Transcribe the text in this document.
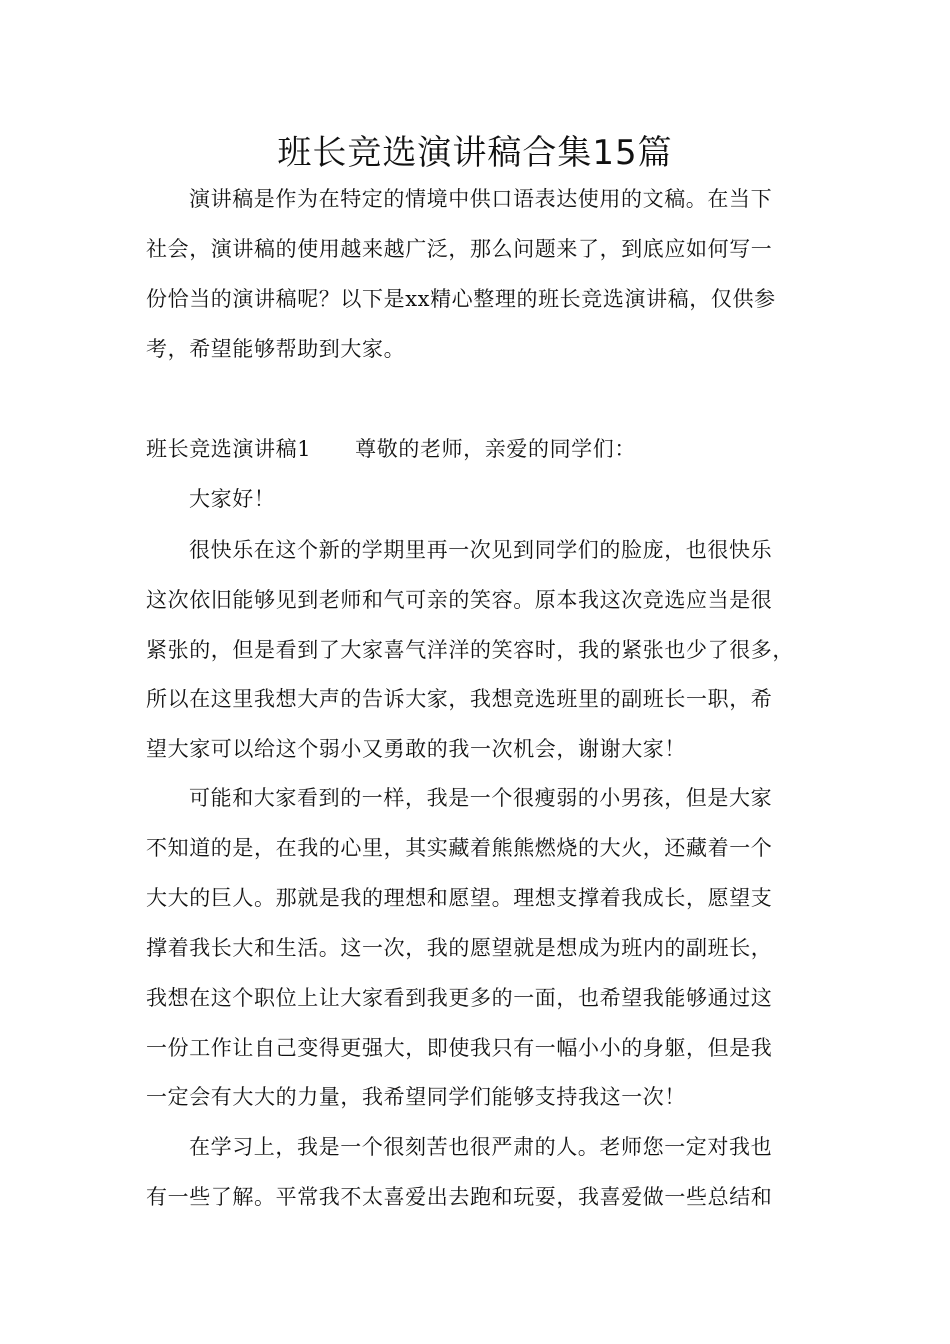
班长竞选演讲稿合集15篇
演讲稿是作为在特定的情境中供口语表达使用的文稿。在当下
社会，演讲稿的使用越来越广泛，那么问题来了，到底应如何写一
份恰当的演讲稿呢？以下是xx精心整理的班长竞选演讲稿，仅供参
考，希望能够帮助到大家。
班长竞选演讲稿1 尊敬的老师，亲爱的同学们：
大家好！
很快乐在这个新的学期里再一次见到同学们的脸庞，也很快乐
这次依旧能够见到老师和气可亲的笑容。原本我这次竞选应当是很
紧张的，但是看到了大家喜气洋洋的笑容时，我的紧张也少了很多，
所以在这里我想大声的告诉大家，我想竞选班里的副班长一职，希
望大家可以给这个弱小又勇敢的我一次机会，谢谢大家！
可能和大家看到的一样，我是一个很瘦弱的小男孩，但是大家
不知道的是，在我的心里，其实藏着熊熊燃烧的大火，还藏着一个
大大的巨人。那就是我的理想和愿望。理想支撑着我成长，愿望支
撑着我长大和生活。这一次，我的愿望就是想成为班内的副班长，
我想在这个职位上让大家看到我更多的一面，也希望我能够通过这
一份工作让自己变得更强大，即使我只有一幅小小的身躯，但是我
一定会有大大的力量，我希望同学们能够支持我这一次！
在学习上，我是一个很刻苦也很严肃的人。老师您一定对我也
有一些了解。平常我不太喜爱出去跑和玩耍，我喜爱做一些总结和
